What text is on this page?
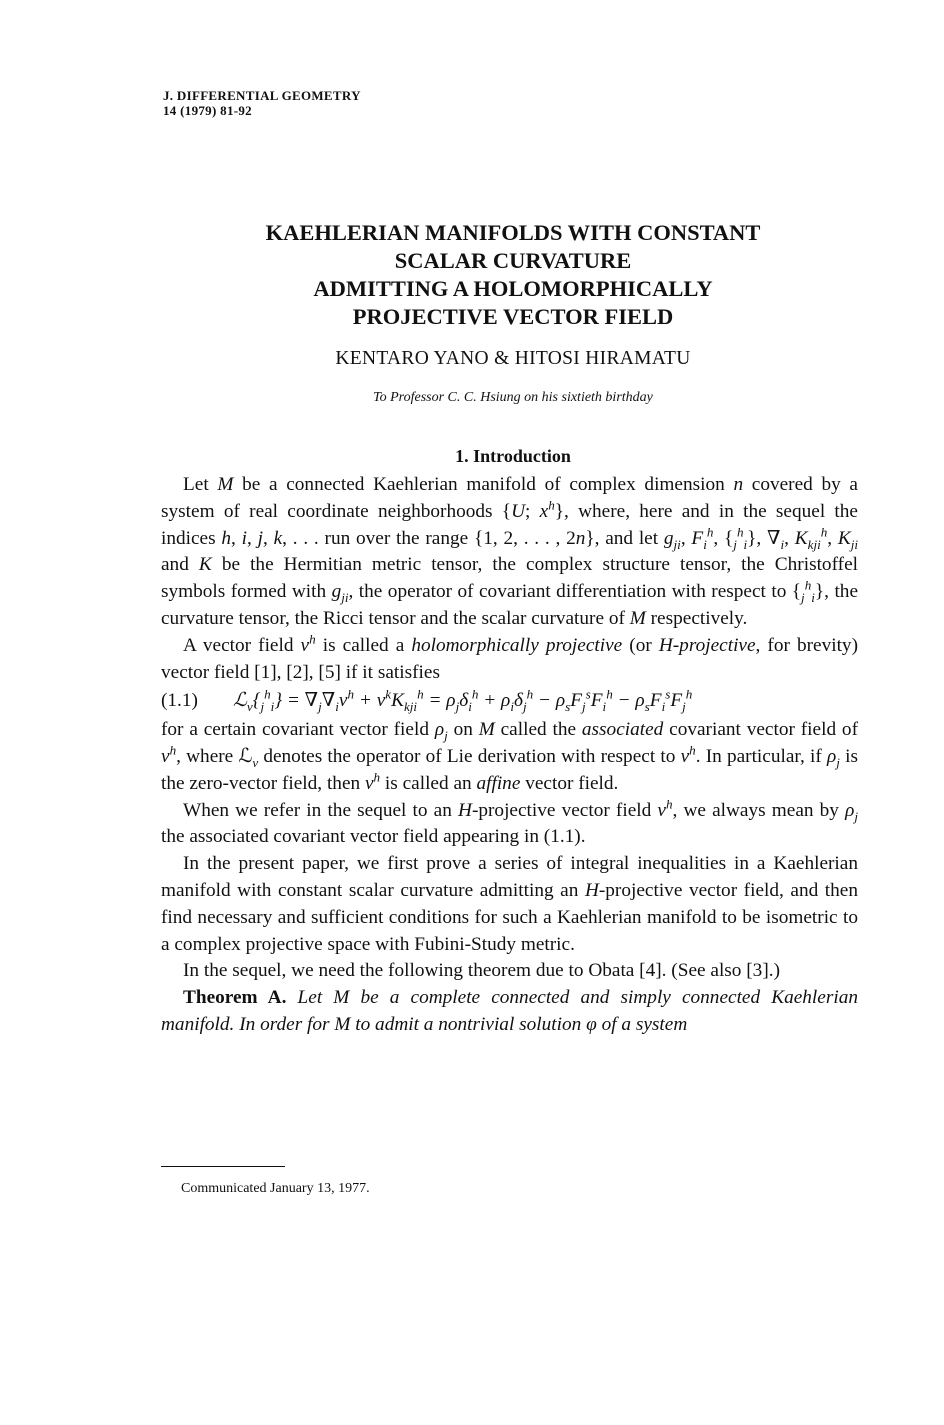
J. DIFFERENTIAL GEOMETRY
14 (1979) 81-92
KAEHLERIAN MANIFOLDS WITH CONSTANT
SCALAR CURVATURE
ADMITTING A HOLOMORPHICALLY
PROJECTIVE VECTOR FIELD
KENTARO YANO & HITOSI HIRAMATU
To Professor C. C. Hsiung on his sixtieth birthday
1. Introduction

Let M be a connected Kaehlerian manifold of complex dimension n covered by a system of real coordinate neighborhoods {U; $x^h$}, where, here and in the sequel the indices h, i, j, k, . . . run over the range {1, 2, . . . , 2n}, and let $g_{ji}$, $F_i^h$, $\{_j^h_i\}$, $\nabla_i$, $K_{kji}^h$, $K_{ji}$ and K be the Hermitian metric tensor, the complex structure tensor, the Christoffel symbols formed with $g_{ji}$, the operator of covariant differentiation with respect to $\{_j^h_i\}$, the curvature tensor, the Ricci tensor and the scalar curvature of M respectively.

A vector field $v^h$ is called a holomorphically projective (or H-projective, for brevity) vector field [1], [2], [5] if it satisfies

(1.1)	$ℒ_v\{_j^h_i\} = \nabla_j\nabla_iv^h + v^kK_{kji}^h = \rho_j\delta_i^h + \rho_i\delta_j^h - \rho_sF_j^sF_i^h - \rho_sF_i^sF_j^h$

for a certain covariant vector field $\rho_j$ on M called the associated covariant vector field of $v^h$, where ℒ$_v$ denotes the operator of Lie derivation with respect to $v^h$. In particular, if $\rho_j$ is the zero-vector field, then $v^h$ is called an affine vector field.

When we refer in the sequel to an H-projective vector field $v^h$, we always mean by $\rho_j$ the associated covariant vector field appearing in (1.1).

In the present paper, we first prove a series of integral inequalities in a Kaehlerian manifold with constant scalar curvature admitting an H-projective vector field, and then find necessary and sufficient conditions for such a Kaehlerian manifold to be isometric to a complex projective space with Fubini-Study metric.

In the sequel, we need the following theorem due to Obata [4]. (See also [3].)

Theorem A. Let M be a complete connected and simply connected Kaehlerian manifold. In order for M to admit a nontrivial solution φ of a system

Communicated January 13, 1977.
